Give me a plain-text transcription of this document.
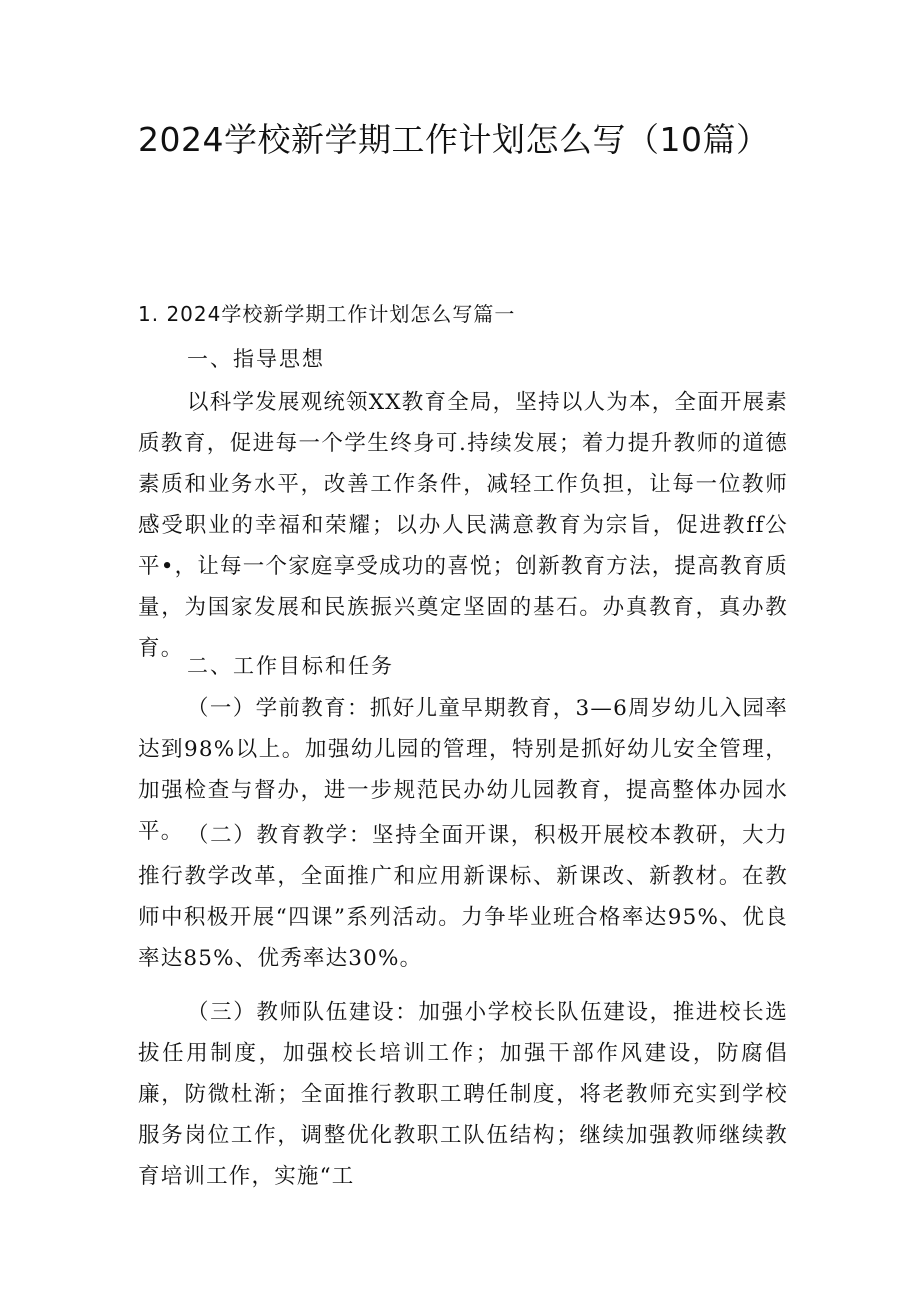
2024学校新学期工作计划怎么写（10篇）
1. 2024学校新学期工作计划怎么写篇一
一、指导思想

以科学发展观统领XX教育全局，坚持以人为本，全面开展素质教育，促进每一个学生终身可.持续发展；着力提升教师的道德素质和业务水平，改善工作条件，减轻工作负担，让每一位教师感受职业的幸福和荣耀；以办人民满意教育为宗旨，促进教ff公平•，让每一个家庭享受成功的喜悦；创新教育方法，提高教育质量，为国家发展和民族振兴奠定坚固的基石。办真教育，真办教育。

二、工作目标和任务

（一）学前教育：抓好儿童早期教育，3—6周岁幼儿入园率达到98%以上。加强幼儿园的管理，特别是抓好幼儿安全管理，加强检查与督办，进一步规范民办幼儿园教育，提高整体办园水平。 （二）教育教学：坚持全面开课，积极开展校本教研，大力推行教学改革，全面推广和应用新课标、新课改、新教材。在教师中积极开展“四课”系列活动。力争毕业班合格率达95%、优良率达85%、优秀率达30%。

（三）教师队伍建设：加强小学校长队伍建设，推进校长选拔任用制度，加强校长培训工作；加强干部作风建设，防腐倡廉，防微杜渐；全面推行教职工聘任制度，将老教师充实到学校服务岗位工作，调整优化教职工队伍结构；继续加强教师继续教育培训工作，实施“工
